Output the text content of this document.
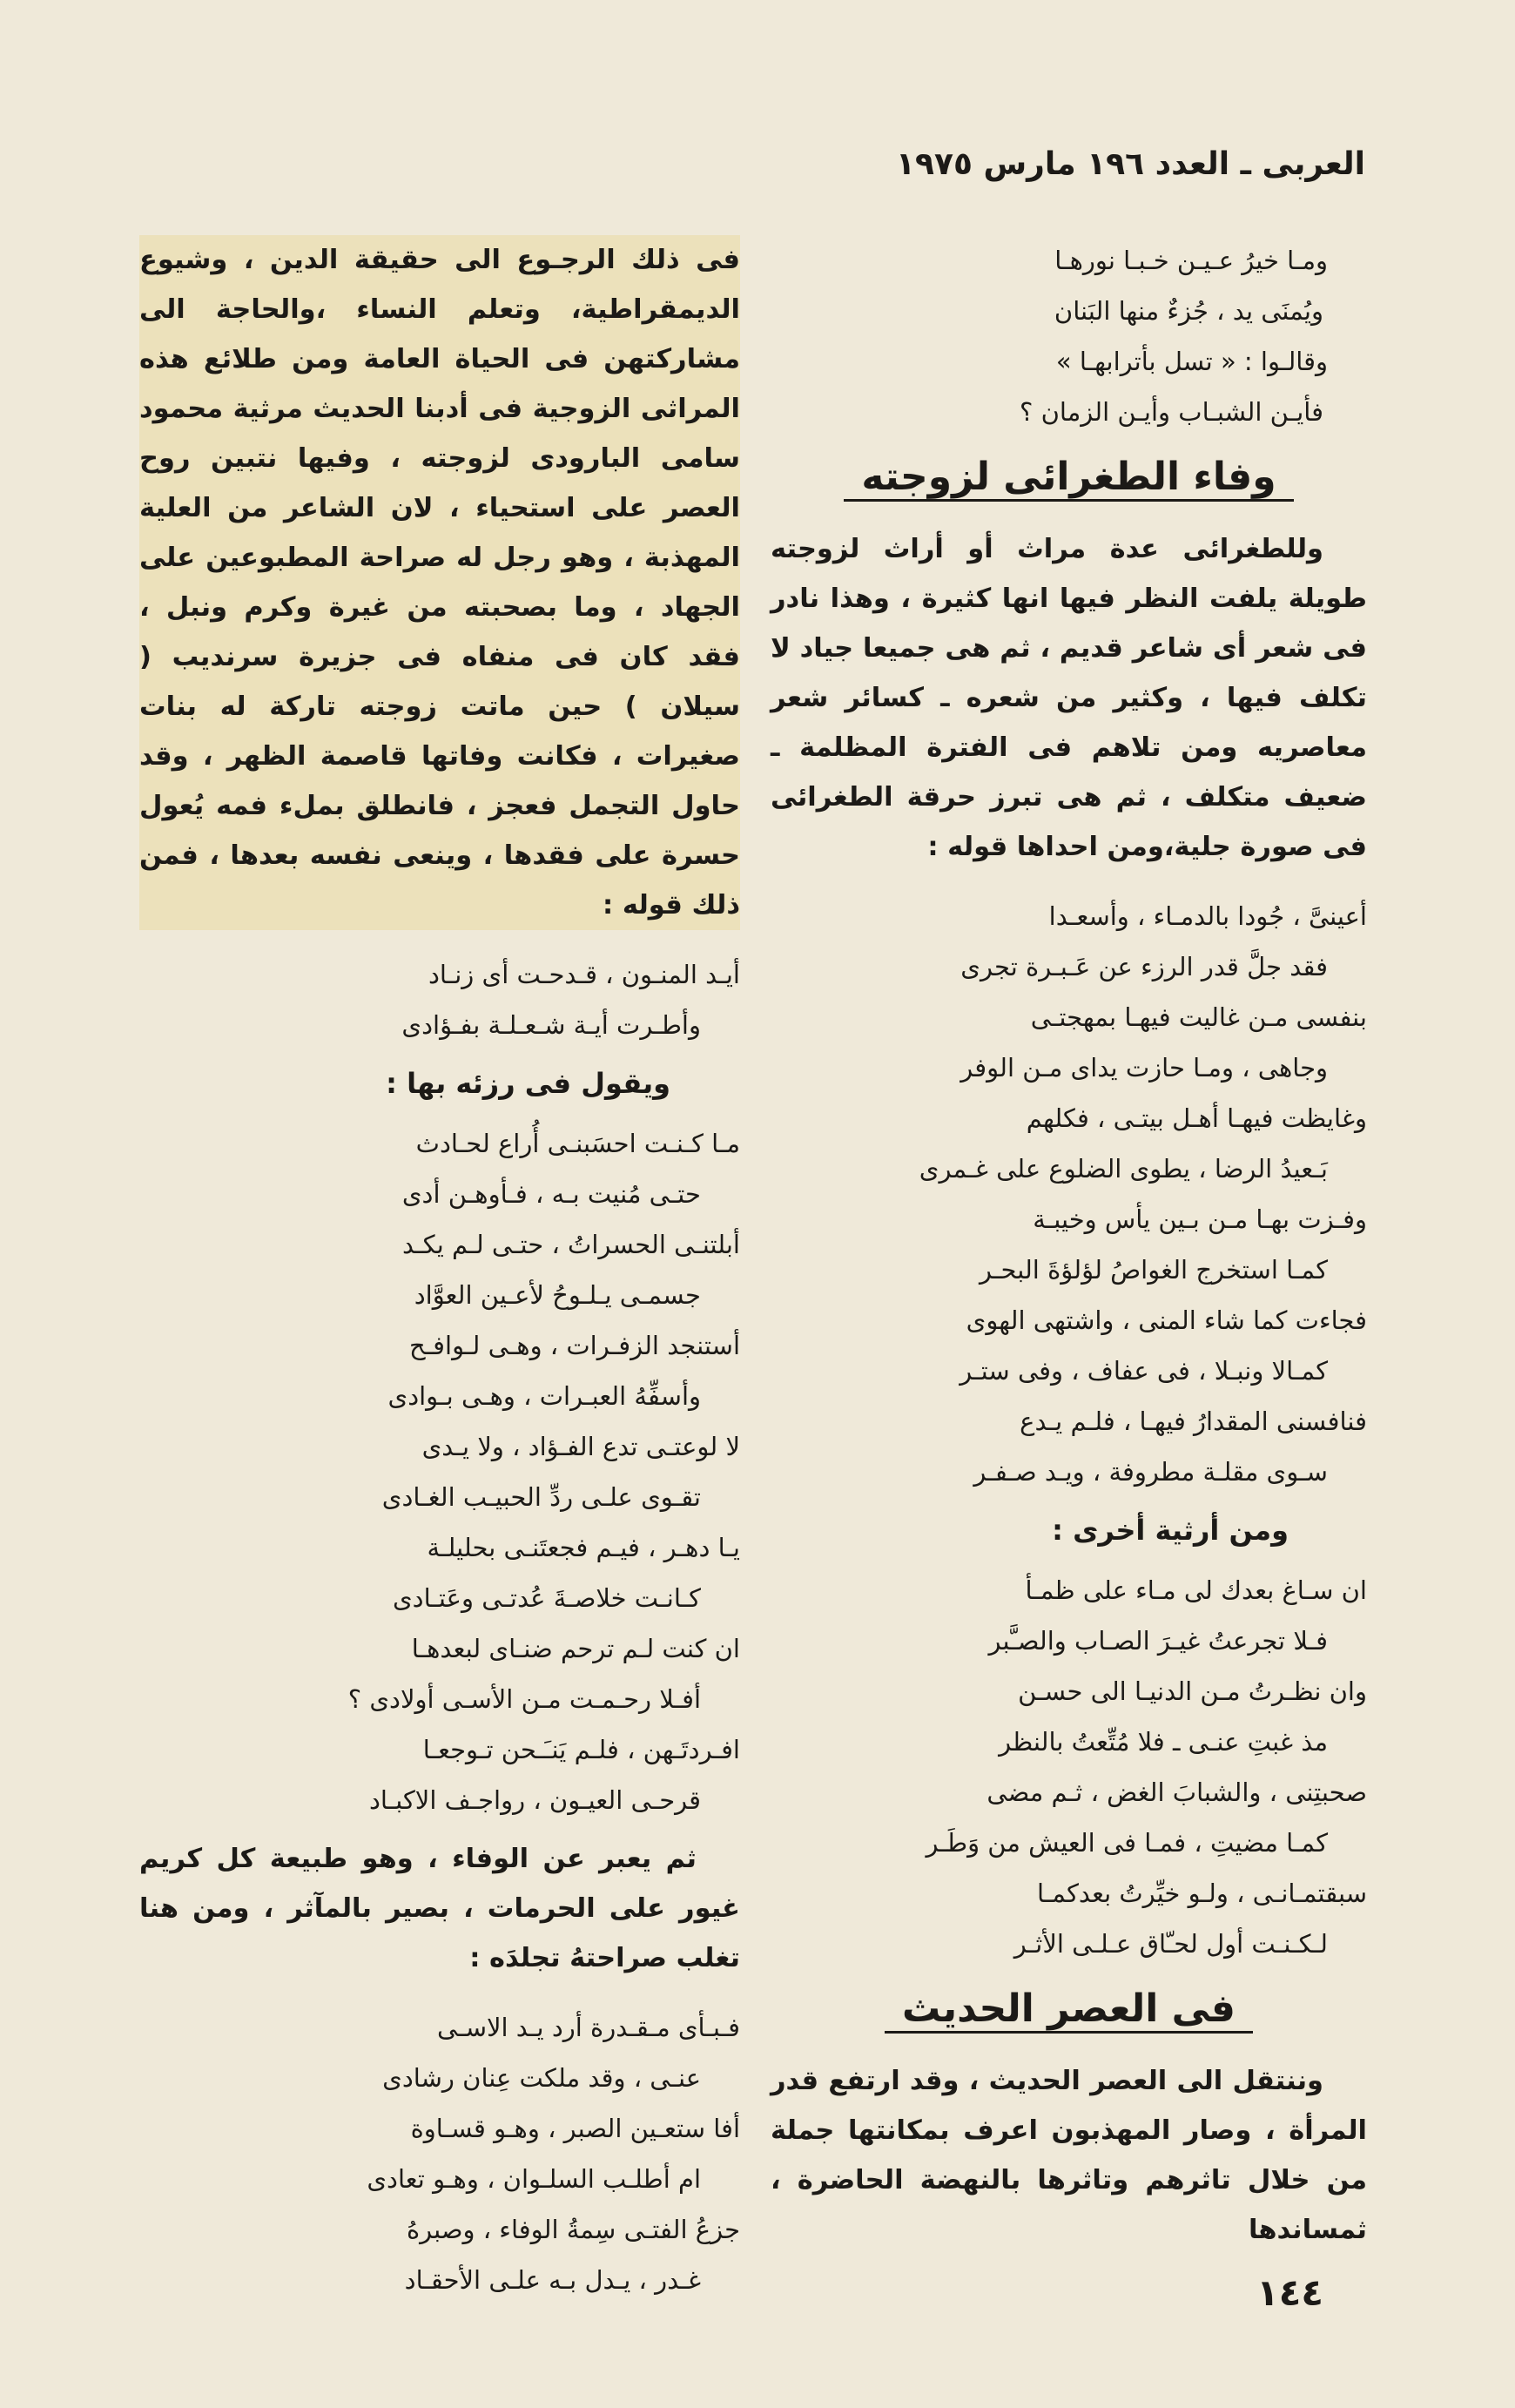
العربى ـ العدد ١٩٦ مارس ١٩٧٥
ومـا خيرُ عـيـن خـبـا نورهـا
ويُمنَى يد ، جُزءٌ منها البَنان
وقالـوا : « تسل بأترابهـا »
فأيـن الشبـاب وأيـن الزمان ؟
وفاء الطغرائى لزوجته

وللطغرائى عدة مراث أو أراث لزوجته طويلة يلفت النظر فيها انها كثيرة ، وهذا نادر فى شعر أى شاعر قديم ، ثم هى جميعا جياد لا تكلف فيها ، وكثير من شعره ـ كسائر شعر معاصريه ومن تلاهم فى الفترة المظلمة ـ ضعيف متكلف ، ثم هى تبرز حرقة الطغرائى فى صورة جلية،ومن احداها قوله :

أعينىَّ ، جُودا بالدمـاء ، وأسعـدا
فقد جلَّ قدر الرزء عن عَـبـرة تجرى
بنفسى مـن غاليت فيهـا بمهجتـى
وجاهى ، ومـا حازت يداى مـن الوفر
وغايظت فيهـا أهـل بيتـى ، فكلهم
بَـعيدُ الرضا ، يطوى الضلوع على غـمرى
وفـزت بهـا مـن بـين يأس وخيبـة
كمـا استخرج الغواصُ لؤلؤةَ البحـر
فجاءت كما شاء المنى ، واشتهى الهوى
كمـالا ونبـلا ، فى عفاف ، وفى ستـر
فنافسنى المقدارُ فيهـا ، فلـم يـدع
سـوى مقلـة مطروفة ، ويـد صـفـر

ومن أرثية أخرى :

ان سـاغ بعدك لى مـاء على ظمـأ
فـلا تجرعتُ غيـرَ الصـاب والصـَّبر
وان نظـرتُ مـن الدنيـا الى حسـن
مذ غبتِ عنـى ـ فلا مُتِّعتُ بالنظر
صحبتِنى ، والشبابَ الغض ، ثـم مضى
كمـا مضيتِ ، فمـا فى العيش من وَطَـر
سبقتمـانـى ، ولـو خيِّرتُ بعدكمـا
لـكـنـت أول لحـّاق عـلـى الأثـر
فى العصر الحديث

وننتقل الى العصر الحديث ، وقد ارتفع قدر المرأة ، وصار المهذبون اعرف بمكانتها جملة من خلال تاثرهم وتاثرها بالنهضة الحاضرة ، ثمساندها

فى ذلك الرجـوع الى حقيقة الدين ، وشيوع الديمقراطية، وتعلم النساء ،والحاجة الى مشاركتهن فى الحياة العامة ومن طلائع هذه المراثى الزوجية فى أدبنا الحديث مرثية محمود سامى البارودى لزوجته ، وفيها نتبين روح العصر على استحياء ، لان الشاعر من العلية المهذبة ، وهو رجل له صراحة المطبوعين على الجهاد ، وما بصحبته من غيرة وكرم ونبل ، فقد كان فى منفاه فى جزيرة سرنديب ( سيلان ) حين ماتت زوجته تاركة له بنات صغيرات ، فكانت وفاتها قاصمة الظهر ، وقد حاول التجمل فعجز ، فانطلق بملء فمه يُعول حسرة على فقدها ، وينعى نفسه بعدها ، فمن ذلك قوله :

أيـد المنـون ، قـدحـت أى زنـاد
وأطـرت أيـة شـعـلـة بفـؤادى

ويقول فى رزئه بها :

مـا كـنـت احسَبنـى أُراع لحـادث
حتـى مُنيت بـه ، فـأوهـن أدى
أبلتنـى الحسراتُ ، حتـى لـم يكـد
جسمـى يـلـوحُ لأعـين العوَّاد
أستنجد الزفـرات ، وهـى لـوافـح
وأسفِّهُ العبـرات ، وهـى بـوادى
لا لوعتـى تدع الفـؤاد ، ولا يـدى
تقـوى علـى ردِّ الحبيـب الغـادى
يـا دهـر ، فيـم فجعتَنـى بحليلـة
كـانـت خلاصـةَ عُدتـى وعَتـادى
ان كنت لـم ترحم ضنـاى لبعدهـا
أفـلا رحـمـت مـن الأسـى أولادى ؟
افـردتَـهن ، فلـم يَنـَـحن تـوجعـا
قرحـى العيـون ، رواجـف الاكبـاد

ثم يعبر عن الوفاء ، وهو طبيعة كل كريم غيور على الحرمات ، بصير بالمآثر ، ومن هنا تغلب صراحتهُ تجلدَه :

فـبـأى مـقـدرة أرد يـد الاسـى
عنـى ، وقد ملكت عِنان رشادى
أفا ستعـين الصبر ، وهـو قسـاوة
ام أطلـب السلـوان ، وهـو تعادى
جزعُ الفتـى سِمةُ الوفاء ، وصبرهُ
غـدر ، يـدل بـه علـى الأحقـاد	١٤٤
